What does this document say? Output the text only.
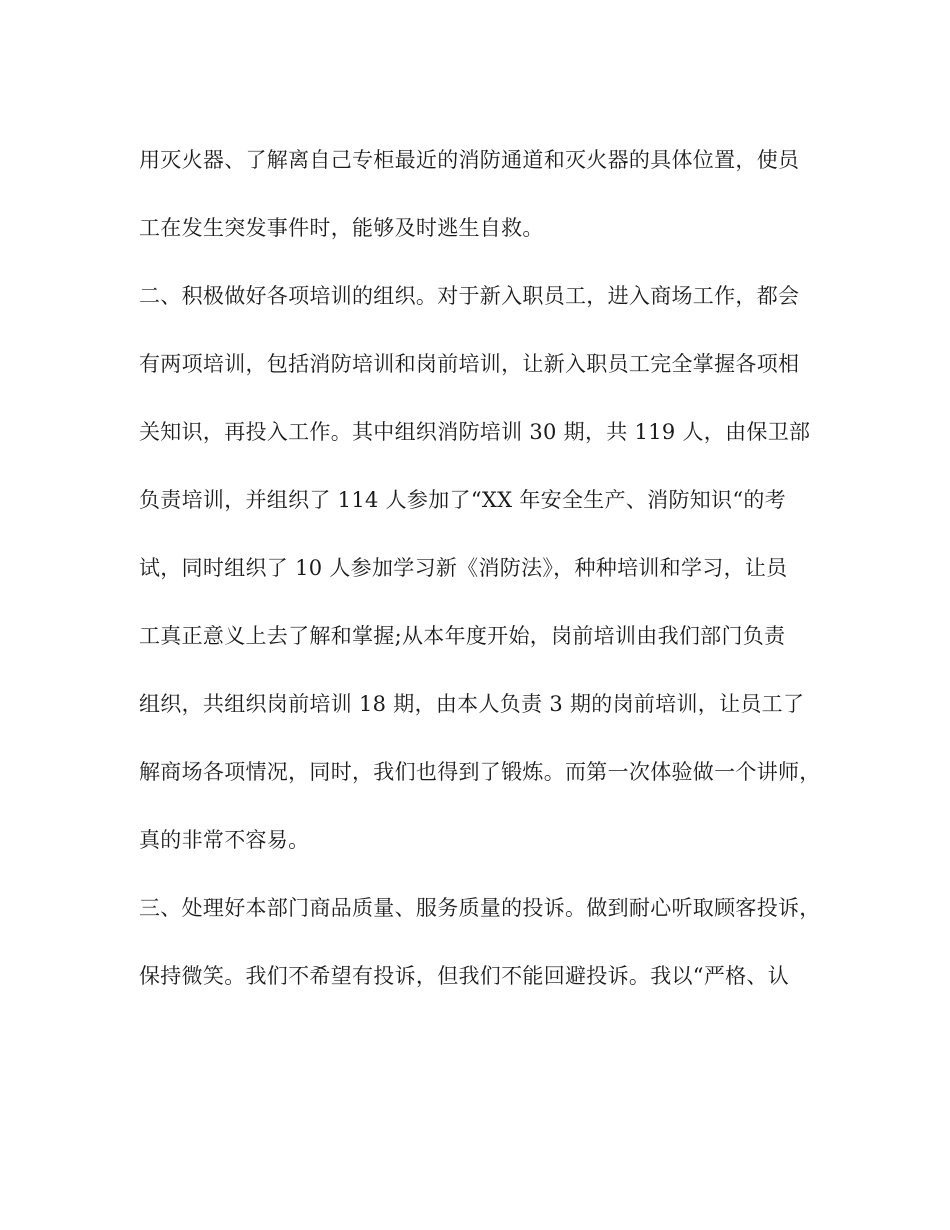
用灭火器、了解离自己专柜最近的消防通道和灭火器的具体位置，使员

工在发生突发事件时，能够及时逃生自救。

二、积极做好各项培训的组织。对于新入职员工，进入商场工作，都会

有两项培训，包括消防培训和岗前培训，让新入职员工完全掌握各项相

关知识，再投入工作。其中组织消防培训 30 期，共 119 人，由保卫部

负责培训，并组织了 114 人参加了“XX 年安全生产、消防知识“的考

试，同时组织了 10 人参加学习新《消防法》，种种培训和学习，让员

工真正意义上去了解和掌握;从本年度开始，岗前培训由我们部门负责

组织，共组织岗前培训 18 期，由本人负责 3 期的岗前培训，让员工了

解商场各项情况，同时，我们也得到了锻炼。而第一次体验做一个讲师，

真的非常不容易。

三、处理好本部门商品质量、服务质量的投诉。做到耐心听取顾客投诉，

保持微笑。我们不希望有投诉，但我们不能回避投诉。我以“严格、认
